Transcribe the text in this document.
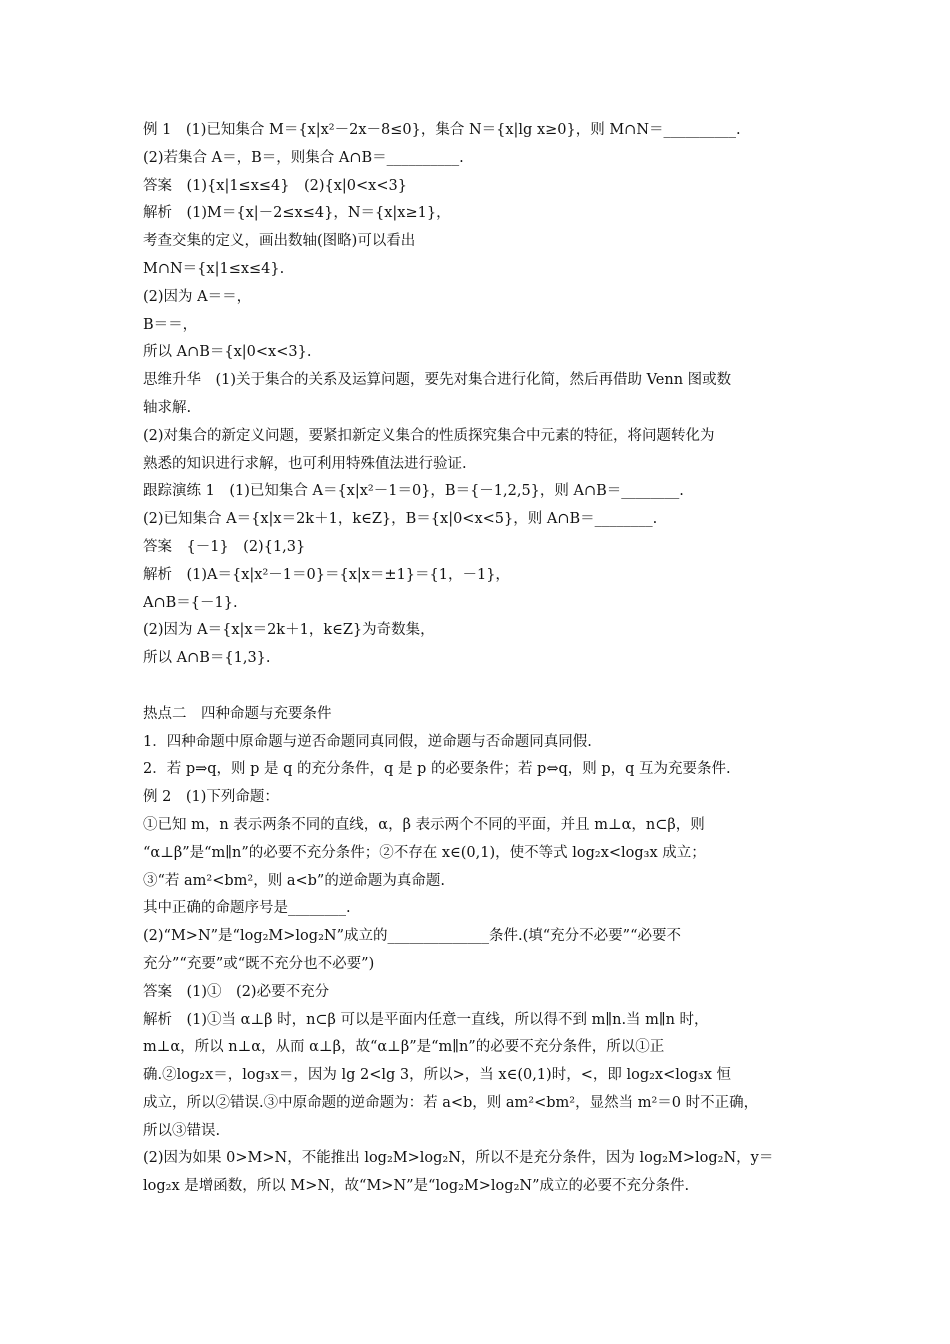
例 1　(1)已知集合 M＝{x|x²－2x－8≤0}，集合 N＝{x|lg x≥0}，则 M∩N＝__________.
(2)若集合 A＝，B＝，则集合 A∩B＝__________.
答案　(1){x|1≤x≤4}　(2){x|0<x<3}
解析　(1)M＝{x|－2≤x≤4}，N＝{x|x≥1}，
考查交集的定义，画出数轴(图略)可以看出
M∩N＝{x|1≤x≤4}.
(2)因为 A＝＝，
B＝＝，
所以 A∩B＝{x|0<x<3}.
思维升华　(1)关于集合的关系及运算问题，要先对集合进行化简，然后再借助 Venn 图或数
轴求解.
(2)对集合的新定义问题，要紧扣新定义集合的性质探究集合中元素的特征，将问题转化为
熟悉的知识进行求解，也可利用特殊值法进行验证.
跟踪演练 1　(1)已知集合 A＝{x|x²－1＝0}，B＝{－1,2,5}，则 A∩B＝________.
(2)已知集合 A＝{x|x＝2k＋1，k∈Z}，B＝{x|0<x<5}，则 A∩B＝________.
答案　{－1}　(2){1,3}
解析　(1)A＝{x|x²－1＝0}＝{x|x＝±1}＝{1，－1}，
A∩B＝{－1}.
(2)因为 A＝{x|x＝2k＋1，k∈Z}为奇数集，
所以 A∩B＝{1,3}.
热点二　四种命题与充要条件
1．四种命题中原命题与逆否命题同真同假，逆命题与否命题同真同假.
2．若 p⇒q，则 p 是 q 的充分条件，q 是 p 的必要条件；若 p⇔q，则 p，q 互为充要条件.
例 2　(1)下列命题：
①已知 m，n 表示两条不同的直线，α，β 表示两个不同的平面，并且 m⊥α，n⊂β，则
“α⊥β”是“m∥n”的必要不充分条件；②不存在 x∈(0,1)，使不等式 log₂x<log₃x 成立；
③“若 am²<bm²，则 a<b”的逆命题为真命题.
其中正确的命题序号是________.
(2)“M>N”是“log₂M>log₂N”成立的______________条件.(填“充分不必要”“必要不
充分”“充要”或“既不充分也不必要”)
答案　(1)①　(2)必要不充分
解析　(1)①当 α⊥β 时，n⊂β 可以是平面内任意一直线，所以得不到 m∥n.当 m∥n 时，
m⊥α，所以 n⊥α，从而 α⊥β，故“α⊥β”是“m∥n”的必要不充分条件，所以①正
确.②log₂x＝，log₃x＝，因为 lg 2<lg 3，所以>，当 x∈(0,1)时，<，即 log₂x<log₃x 恒
成立，所以②错误.③中原命题的逆命题为：若 a<b，则 am²<bm²，显然当 m²＝0 时不正确，
所以③错误.
(2)因为如果 0>M>N，不能推出 log₂M>log₂N，所以不是充分条件，因为 log₂M>log₂N，y＝
log₂x 是增函数，所以 M>N，故“M>N”是“log₂M>log₂N”成立的必要不充分条件.
